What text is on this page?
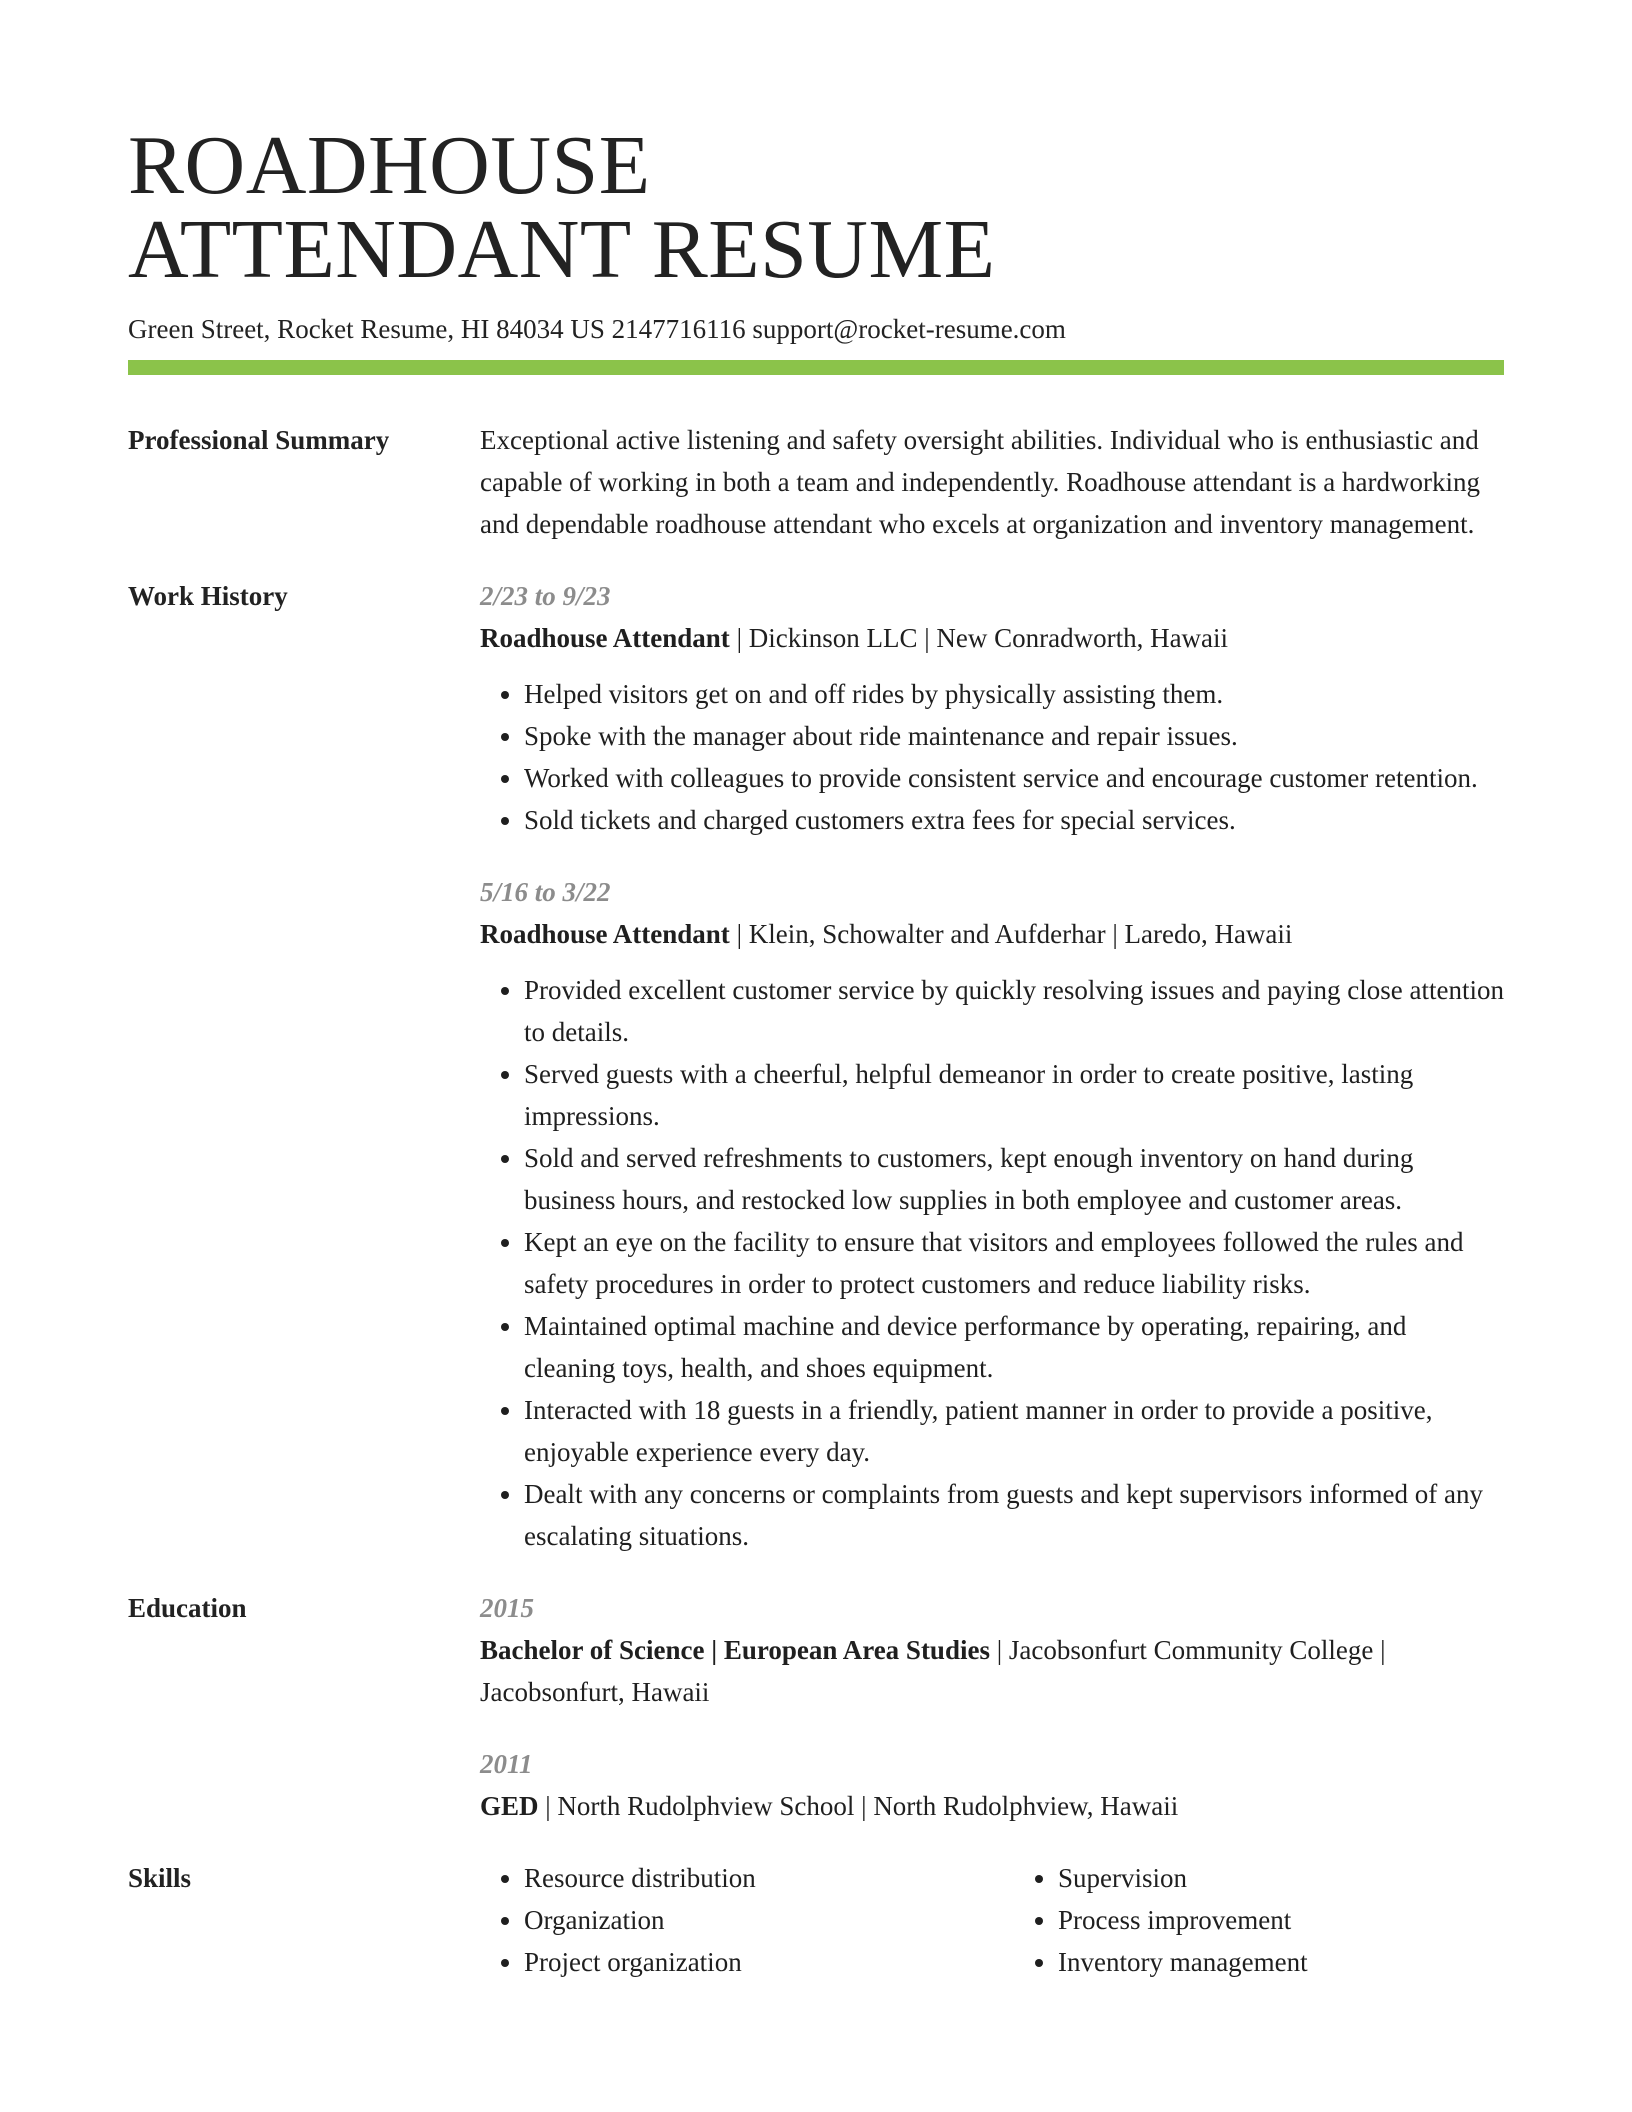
ROADHOUSE
ATTENDANT RESUME
Green Street, Rocket Resume, HI 84034 US 2147716116 support@rocket-resume.com
Professional Summary	Exceptional active listening and safety oversight abilities. Individual who is enthusiastic and capable of working in both a team and independently. Roadhouse attendant is a hardworking and dependable roadhouse attendant who excels at organization and inventory management.
Work History	2/23 to 9/23
Roadhouse Attendant | Dickinson LLC | New Conradworth, Hawaii
• Helped visitors get on and off rides by physically assisting them.
• Spoke with the manager about ride maintenance and repair issues.
• Worked with colleagues to provide consistent service and encourage customer retention.
• Sold tickets and charged customers extra fees for special services.
5/16 to 3/22
Roadhouse Attendant | Klein, Schowalter and Aufderhar | Laredo, Hawaii
• Provided excellent customer service by quickly resolving issues and paying close attention to details.
• Served guests with a cheerful, helpful demeanor in order to create positive, lasting impressions.
• Sold and served refreshments to customers, kept enough inventory on hand during business hours, and restocked low supplies in both employee and customer areas.
• Kept an eye on the facility to ensure that visitors and employees followed the rules and safety procedures in order to protect customers and reduce liability risks.
• Maintained optimal machine and device performance by operating, repairing, and cleaning toys, health, and shoes equipment.
• Interacted with 18 guests in a friendly, patient manner in order to provide a positive, enjoyable experience every day.
• Dealt with any concerns or complaints from guests and kept supervisors informed of any escalating situations.
Education	2015
Bachelor of Science | European Area Studies | Jacobsonfurt Community College | Jacobsonfurt, Hawaii
2011
GED | North Rudolphview School | North Rudolphview, Hawaii
Skills
•	Resource distribution
• Organization
• Project organization
• Supervision
• Process improvement
• Inventory management
